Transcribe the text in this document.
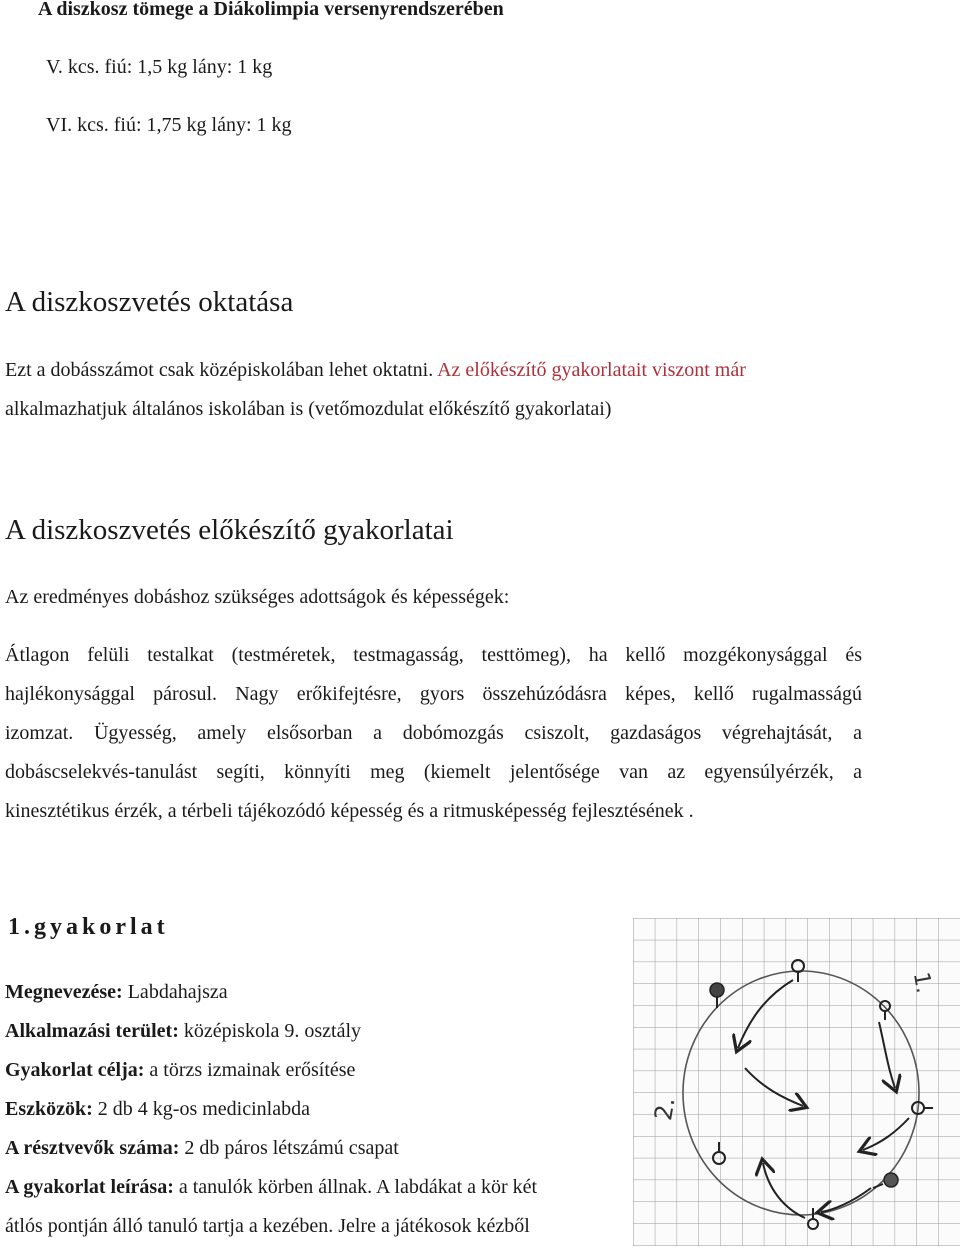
A diszkosz tömege a Diákolimpia versenyrendszerében
V. kcs. fiú: 1,5 kg lány: 1 kg
VI. kcs. fiú: 1,75 kg lány: 1 kg
A diszkoszvetés oktatása
Ezt a dobásszámot csak középiskolában lehet oktatni. Az előkészítő gyakorlatait viszont már
alkalmazhatjuk általános iskolában is (vetőmozdulat előkészítő gyakorlatai)
A diszkoszvetés előkészítő gyakorlatai
Az eredményes dobáshoz szükséges adottságok és képességek:
Átlagon felüli testalkat (testméretek, testmagasság, testtömeg), ha kellő mozgékonysággal és
hajlékonysággal párosul. Nagy erőkifejtésre, gyors összehúzódásra képes, kellő rugalmasságú
izomzat. Ügyesség, amely elsősorban a dobómozgás csiszolt, gazdaságos végrehajtását, a
dobáscselekvés-tanulást segíti, könnyíti meg (kiemelt jelentősége van az egyensúlyérzék, a
kinesztétikus érzék, a térbeli tájékozódó képesség és a ritmusképesség fejlesztésének .
1.gyakorlat
Megnevezése: Labdahajsza
Alkalmazási terület: középiskola 9. osztály
Gyakorlat célja: a törzs izmainak erősítése
Eszközök: 2 db 4 kg-os medicinlabda
A résztvevők száma: 2 db páros létszámú csapat
A gyakorlat leírása: a tanulók körben állnak. A labdákat a kör két
átlós pontján álló tanuló tartja a kezében. Jelre a játékosok kézből
1.
2.
